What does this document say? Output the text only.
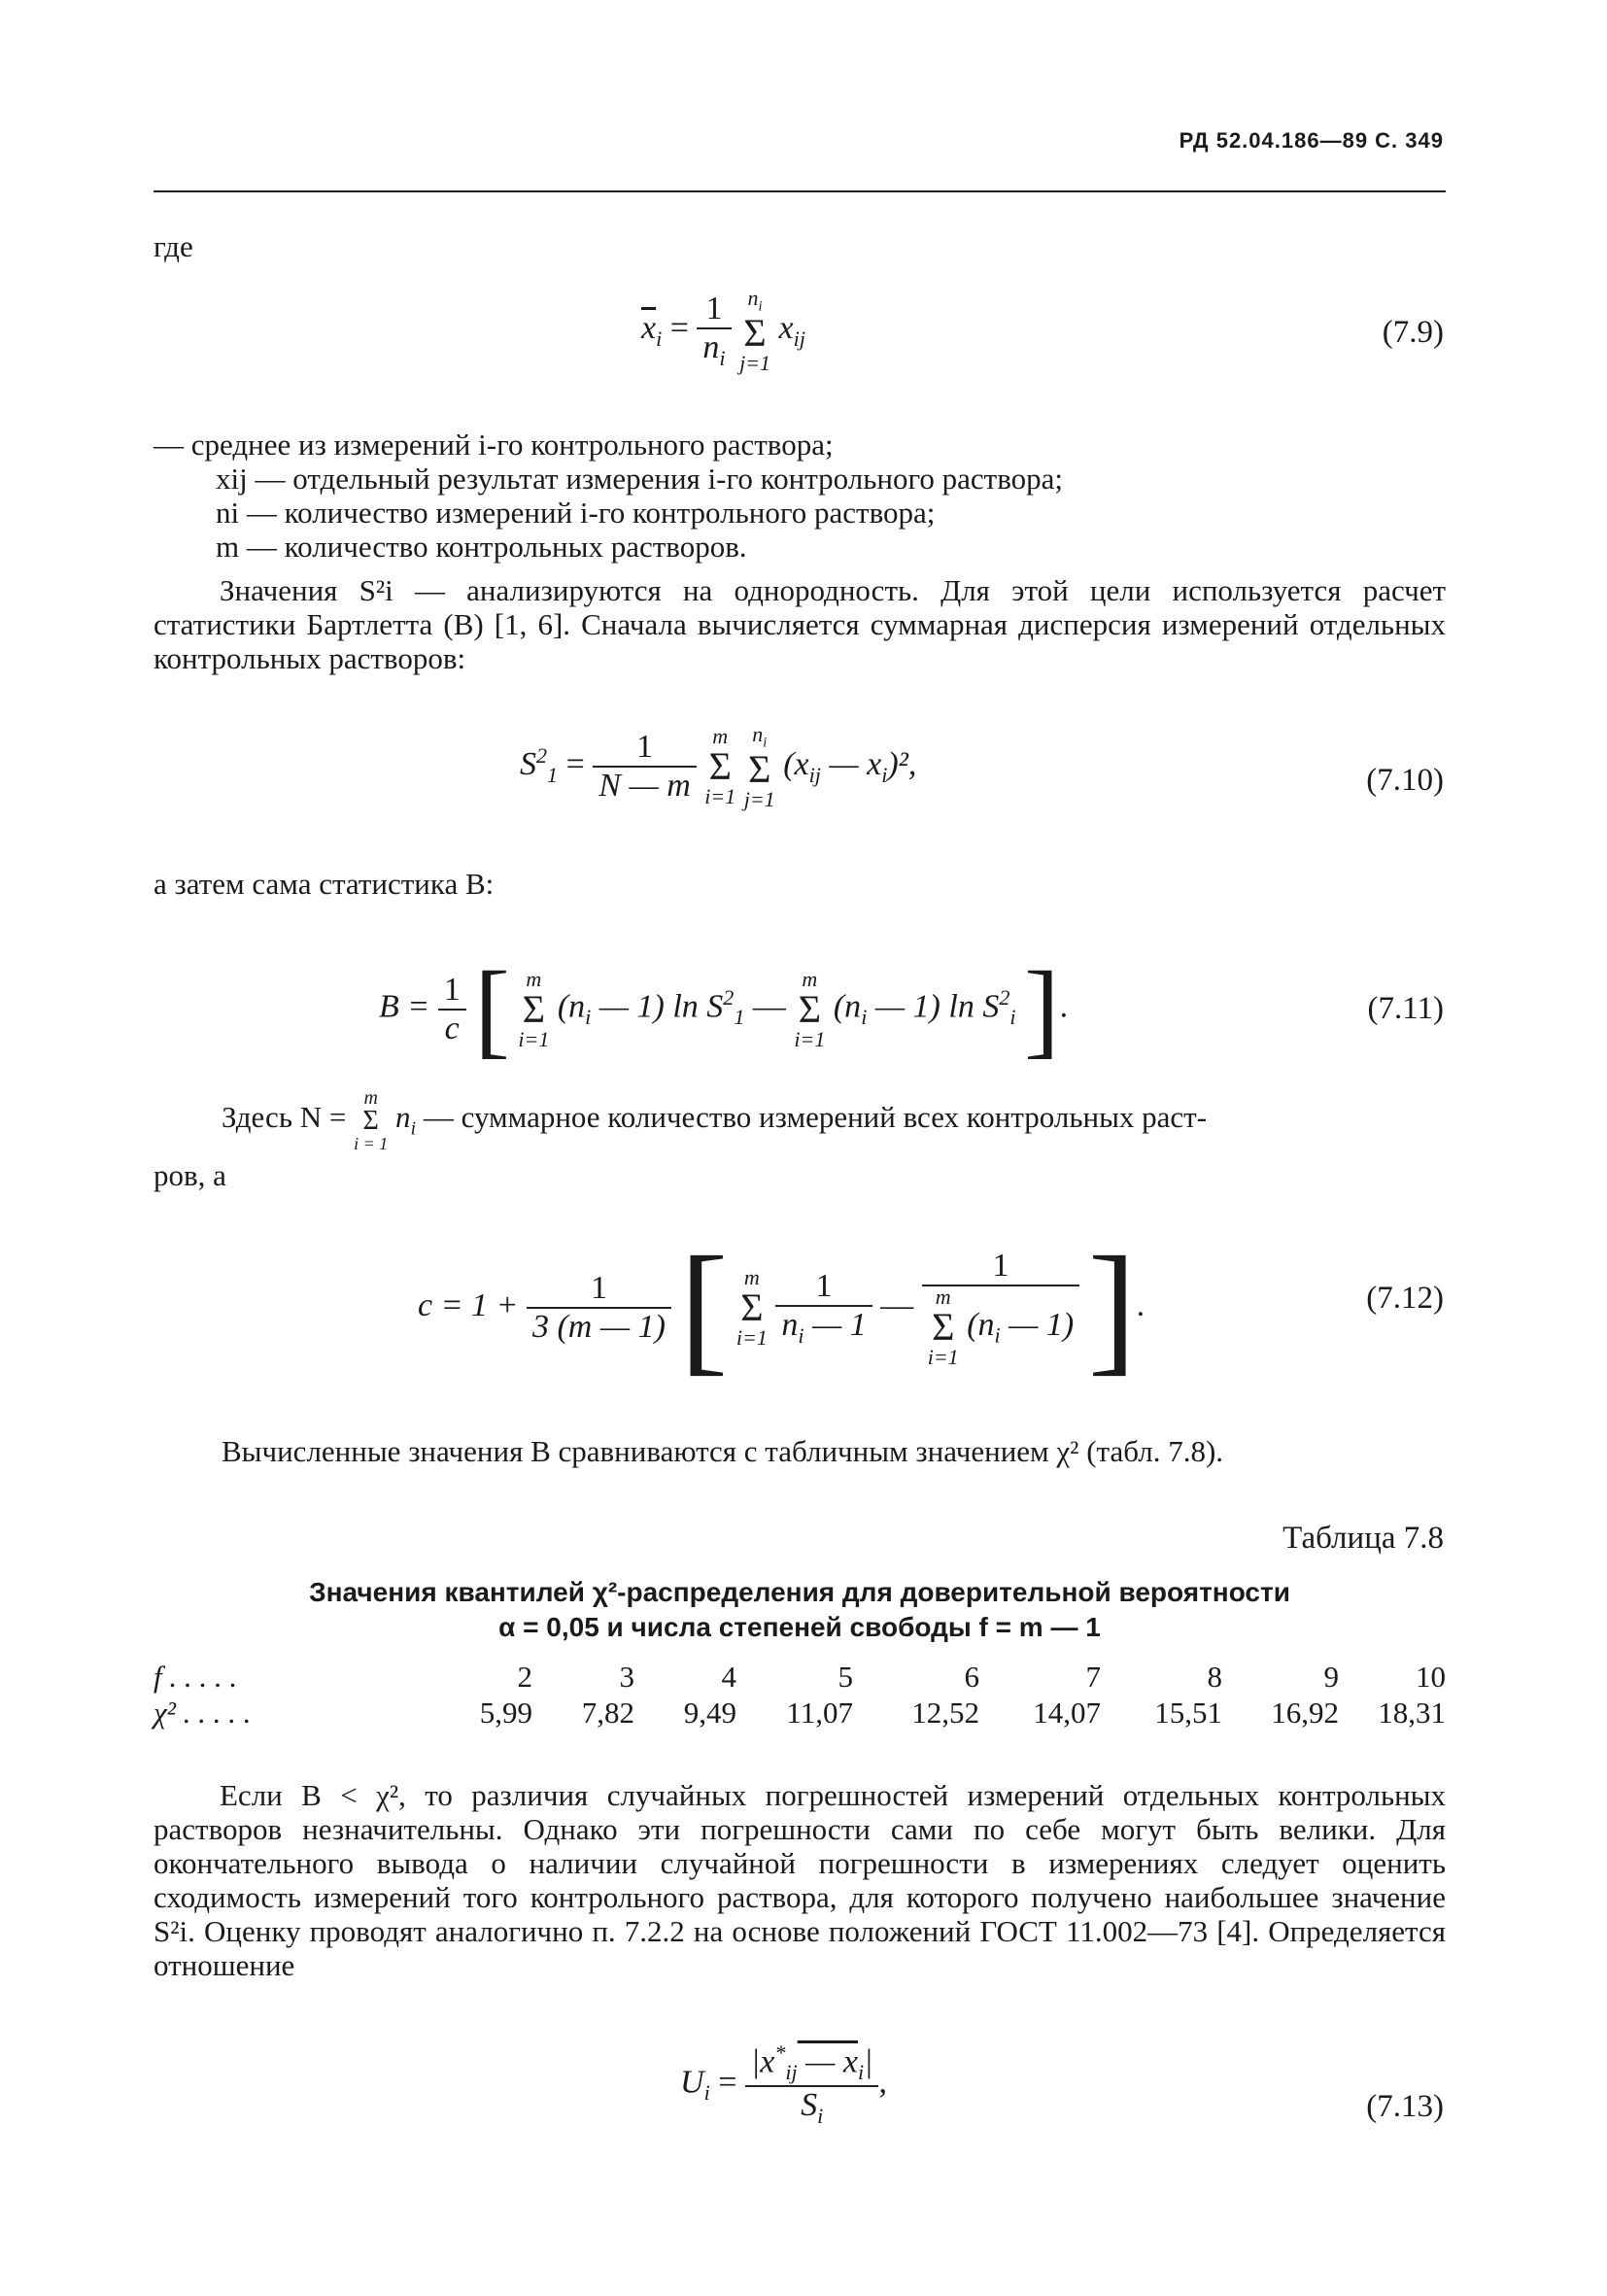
РД 52.04.186—89 С. 349
где
$\overline{x}_i = \frac{1}{n_i}$
$n_i$
Σ
j=1
$x_{ij}$	(7.9)
— среднее из измерений i-го контрольного раствора;
xij — отдельный результат измерения i-го контрольного раствора;
ni — количество измерений i-го контрольного раствора;
m — количество контрольных растворов.
Значения S²i — анализируются на однородность. Для этой цели используется расчет статистики Бартлетта (B) [1, 6]. Сначала вычисляется суммарная дисперсия измерений отдельных контрольных растворов:
$S^2_1 = \frac{1}{N — m}$
m
Σ
i=1

$n_i$
Σ
j=1
($x_{ij}$ — $x_i)^2$,	(7.10)
а затем сама статистика B:
$B = \frac{1}{c}$ [ m
Σ
i=1
($n_i$ — 1) $\ln S^2_1$ —
m
Σ
i=1
($n_i$ — 1) $\ln S^2_i$ ].	(7.11)
Здесь N =
m
Σ
i = 1
$n_i$ — суммарное количество измерений всех контрольных раст-
ров, а
$c = 1 + \frac{1}{3 (m — 1)}$ [ m
Σ
i=1
$\frac{1}{n_i — 1}$ — 1
m
Σ
i=1
($n_i$ — 1) ].	(7.12)
Вычисленные значения B сравниваются с табличным значением χ² (табл. 7.8).
Таблица 7.8
Значения квантилей χ²-распределения для доверительной вероятности
α = 0,05 и числа степеней свободы f = m — 1
f . . . . .	2	3	4	5	6	7	8	9	10
χ² . . . . .	5,99	7,82	9,49	11,07	12,52	14,07	15,51	16,92	18,31
Если B < χ², то различия случайных погрешностей измерений отдельных контрольных растворов незначительны. Однако эти погрешности сами по себе могут быть велики. Для окончательного вывода о наличии случайной погрешности в измерениях следует оценить сходимость измерений того контрольного раствора, для которого получено наибольшее значение S²i. Оценку проводят аналогично п. 7.2.2 на основе положений ГОСТ 11.002—73 [4]. Определяется отношение
$U_i = \frac{|x^*_{ij} — x_i|}{S_i}$ ,
(7.13)
